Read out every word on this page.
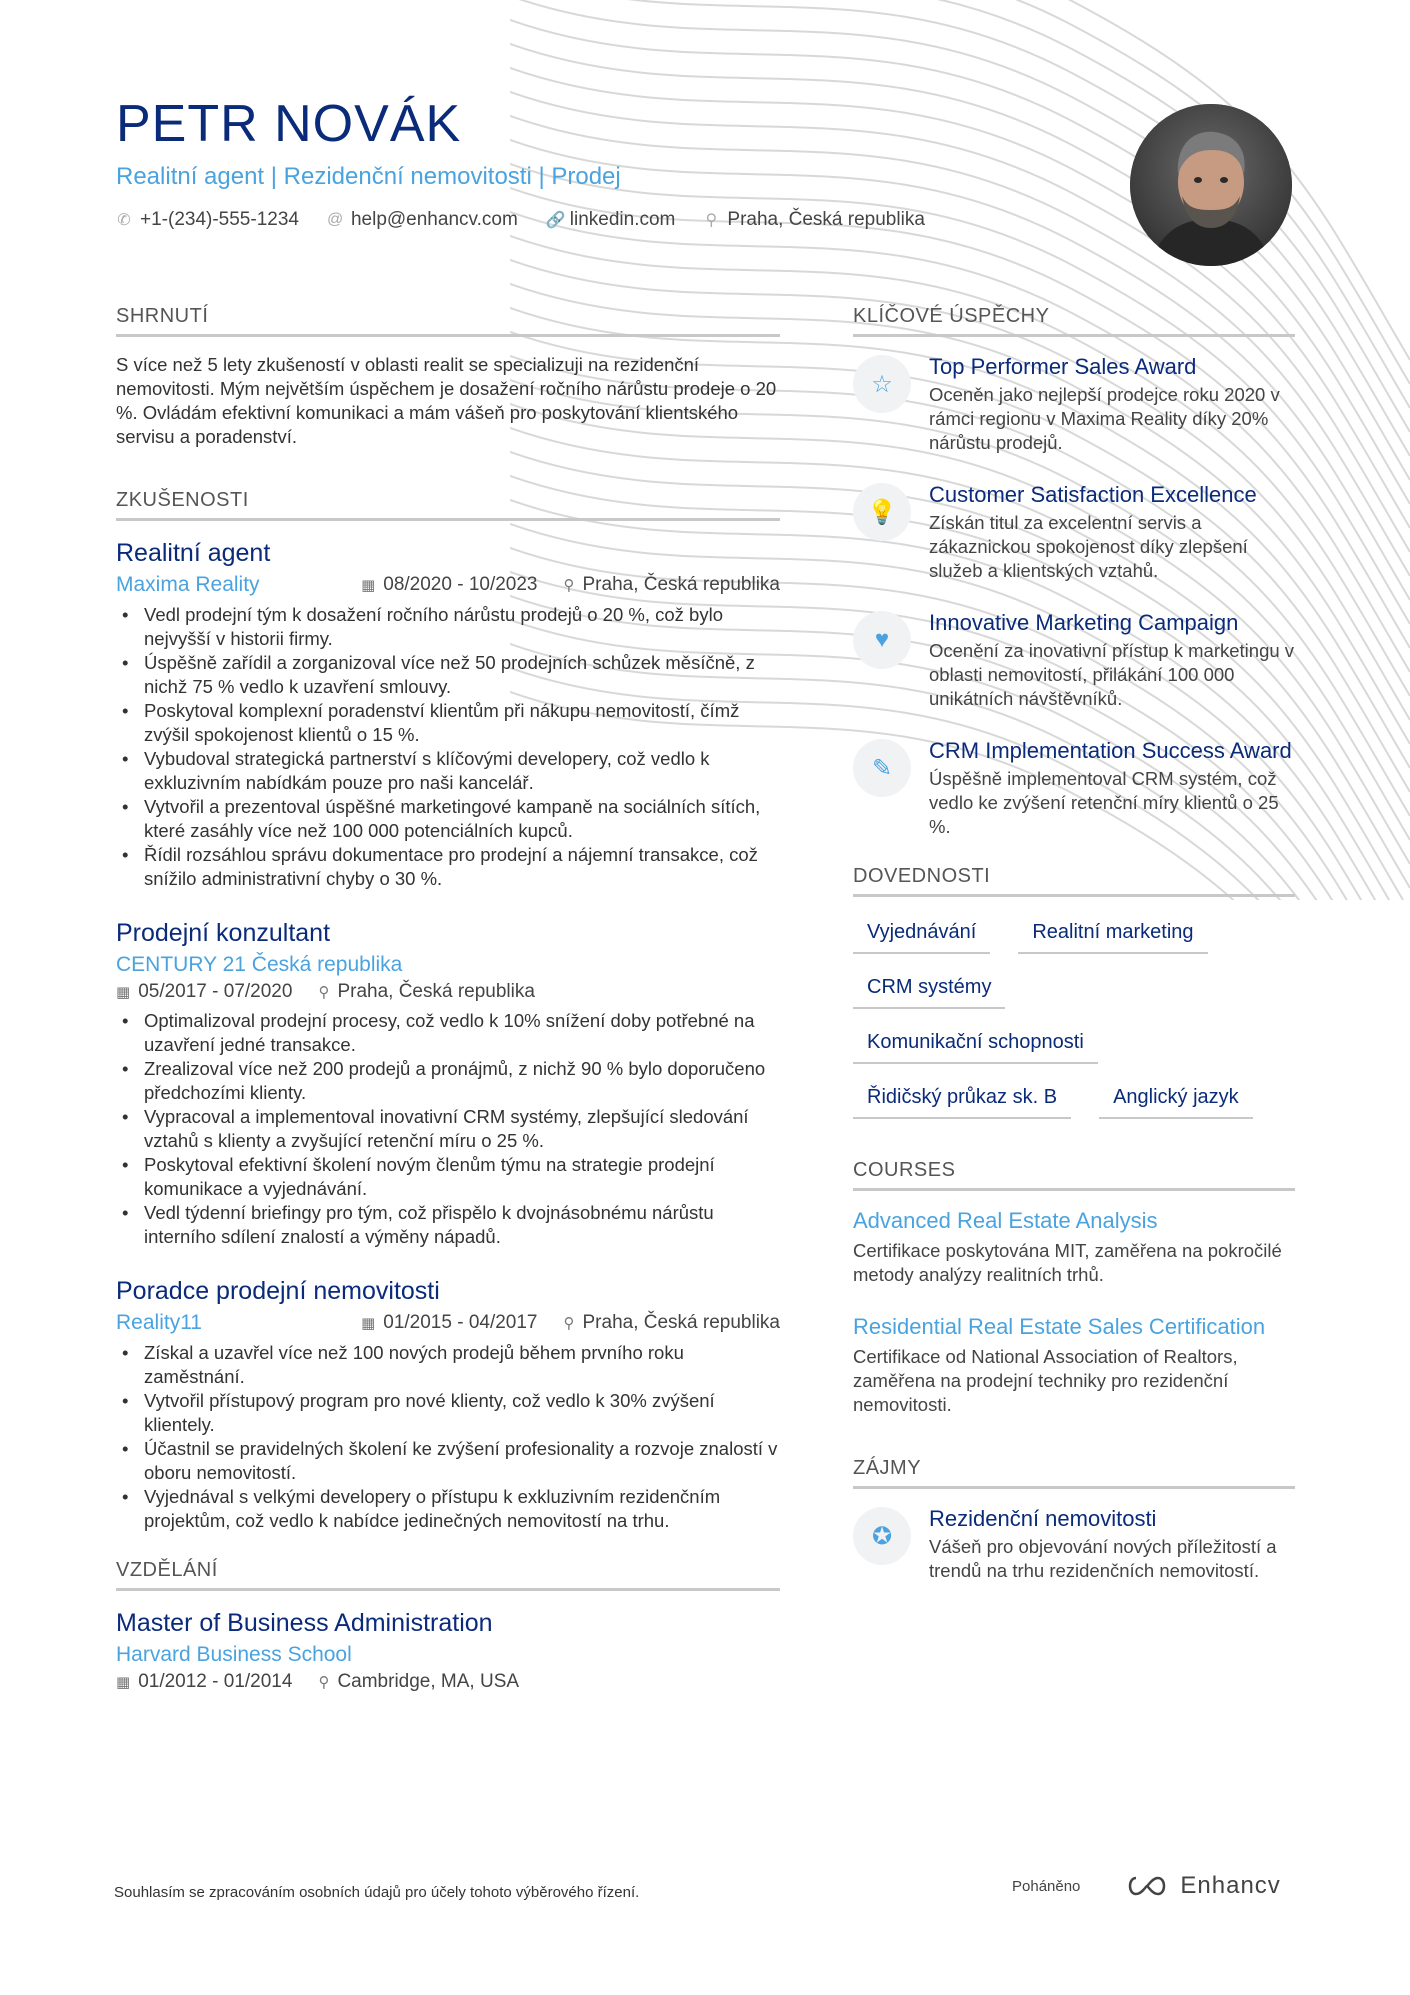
PETR NOVÁK
Realitní agent | Rezidenční nemovitosti | Prodej
✆ +1-(234)-555-1234 @ help@enhancv.com 🔗 linkedin.com ⚲ Praha, Česká republika
SHRNUTÍ

S více než 5 lety zkušeností v oblasti realit se specializuji na rezidenční nemovitosti. Mým největším úspěchem je dosažení ročního nárůstu prodeje o 20 %. Ovládám efektivní komunikaci a mám vášeň pro poskytování klientského servisu a poradenství.

ZKUŠENOSTI
Realitní agent
Maxima Reality	▦ 08/2020 - 10/2023 ⚲ Praha, Česká republika
• Vedl prodejní tým k dosažení ročního nárůstu prodejů o 20 %, což bylo nejvyšší v historii firmy.
• Úspěšně zařídil a zorganizoval více než 50 prodejních schůzek měsíčně, z nichž 75 % vedlo k uzavření smlouvy.
• Poskytoval komplexní poradenství klientům při nákupu nemovitostí, čímž zvýšil spokojenost klientů o 15 %.
• Vybudoval strategická partnerství s klíčovými developery, což vedlo k exkluzivním nabídkám pouze pro naši kancelář.
• Vytvořil a prezentoval úspěšné marketingové kampaně na sociálních sítích, které zasáhly více než 100 000 potenciálních kupců.
• Řídil rozsáhlou správu dokumentace pro prodejní a nájemní transakce, což snížilo administrativní chyby o 30 %.
Prodejní konzultant
CENTURY 21 Česká republika
▦ 05/2017 - 07/2020 ⚲ Praha, Česká republika
• Optimalizoval prodejní procesy, což vedlo k 10% snížení doby potřebné na uzavření jedné transakce.
• Zrealizoval více než 200 prodejů a pronájmů, z nichž 90 % bylo doporučeno předchozími klienty.
• Vypracoval a implementoval inovativní CRM systémy, zlepšující sledování vztahů s klienty a zvyšující retenční míru o 25 %.
• Poskytoval efektivní školení novým členům týmu na strategie prodejní komunikace a vyjednávání.
• Vedl týdenní briefingy pro tým, což přispělo k dvojnásobnému nárůstu interního sdílení znalostí a výměny nápadů.
Poradce prodejní nemovitosti
Reality11	▦ 01/2015 - 04/2017 ⚲ Praha, Česká republika
• Získal a uzavřel více než 100 nových prodejů během prvního roku zaměstnání.
• Vytvořil přístupový program pro nové klienty, což vedlo k 30% zvýšení klientely.
• Účastnil se pravidelných školení ke zvýšení profesionality a rozvoje znalostí v oboru nemovitostí.
• Vyjednával s velkými developery o přístupu k exkluzivním rezidenčním projektům, což vedlo k nabídce jedinečných nemovitostí na trhu.
VZDĚLÁNÍ
Master of Business Administration
Harvard Business School
▦ 01/2012 - 01/2014 ⚲ Cambridge, MA, USA
KLÍČOVÉ ÚSPĚCHY
☆
Top Performer Sales Award
Oceněn jako nejlepší prodejce roku 2020 v rámci regionu v Maxima Reality díky 20% nárůstu prodejů.
💡
Customer Satisfaction Excellence
Získán titul za excelentní servis a zákaznickou spokojenost díky zlepšení služeb a klientských vztahů.
♥
Innovative Marketing Campaign
Ocenění za inovativní přístup k marketingu v oblasti nemovitostí, přilákání 100 000 unikátních návštěvníků.
✎
CRM Implementation Success Award
Úspěšně implementoval CRM systém, což vedlo ke zvýšení retenční míry klientů o 25 %.
DOVEDNOSTI
Vyjednávání	Realitní marketing
CRM systémy
Komunikační schopnosti
Řidičský průkaz sk. B	Anglický jazyk
COURSES
Advanced Real Estate Analysis
Certifikace poskytována MIT, zaměřena na pokročilé metody analýzy realitních trhů.
Residential Real Estate Sales Certification
Certifikace od National Association of Realtors, zaměřena na prodejní techniky pro rezidenční nemovitosti.
ZÁJMY
✪
Rezidenční nemovitosti
Vášeň pro objevování nových příležitostí a trendů na trhu rezidenčních nemovitostí.
Souhlasím se zpracováním osobních údajů pro účely tohoto výběrového řízení.	Poháněno	Enhancv
